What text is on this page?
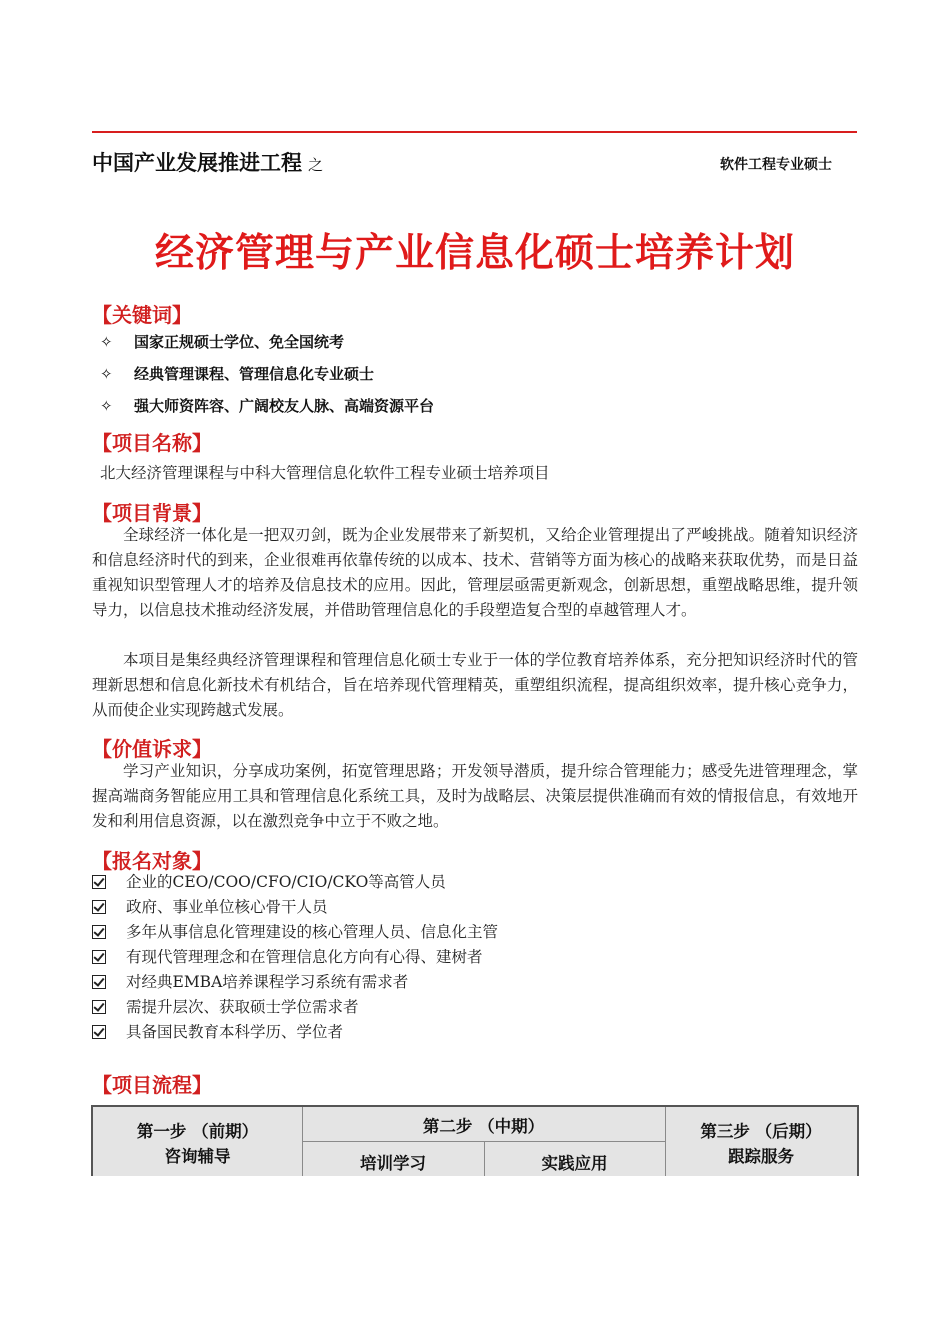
中国产业发展推进工程 之	软件工程专业硕士
经济管理与产业信息化硕士培养计划
【关键词】
✧ 国家正规硕士学位、免全国统考
✧ 经典管理课程、管理信息化专业硕士
✧ 强大师资阵容、广阔校友人脉、高端资源平台
【项目名称】
北大经济管理课程与中科大管理信息化软件工程专业硕士培养项目
【项目背景】
全球经济一体化是一把双刃剑，既为企业发展带来了新契机，又给企业管理提出了严峻挑战。随着知识经济和信息经济时代的到来，企业很难再依靠传统的以成本、技术、营销等方面为核心的战略来获取优势，而是日益重视知识型管理人才的培养及信息技术的应用。因此，管理层亟需更新观念，创新思想，重塑战略思维，提升领导力，以信息技术推动经济发展，并借助管理信息化的手段塑造复合型的卓越管理人才。
本项目是集经典经济管理课程和管理信息化硕士专业于一体的学位教育培养体系，充分把知识经济时代的管理新思想和信息化新技术有机结合，旨在培养现代管理精英，重塑组织流程，提高组织效率，提升核心竞争力，从而使企业实现跨越式发展。
【价值诉求】
学习产业知识，分享成功案例，拓宽管理思路；开发领导潜质，提升综合管理能力；感受先进管理理念，掌握高端商务智能应用工具和管理信息化系统工具，及时为战略层、决策层提供准确而有效的情报信息，有效地开发和利用信息资源，以在激烈竞争中立于不败之地。
【报名对象】
企业的CEO/COO/CFO/CIO/CKO等高管人员
政府、事业单位核心骨干人员
多年从事信息化管理建设的核心管理人员、信息化主管
有现代管理理念和在管理信息化方向有心得、建树者
对经典EMBA培养课程学习系统有需求者
需提升层次、获取硕士学位需求者
具备国民教育本科学历、学位者
【项目流程】
第一步 （前期）
咨询辅导
第二步 （中期）
培训学习	实践应用
第三步 （后期）
跟踪服务
